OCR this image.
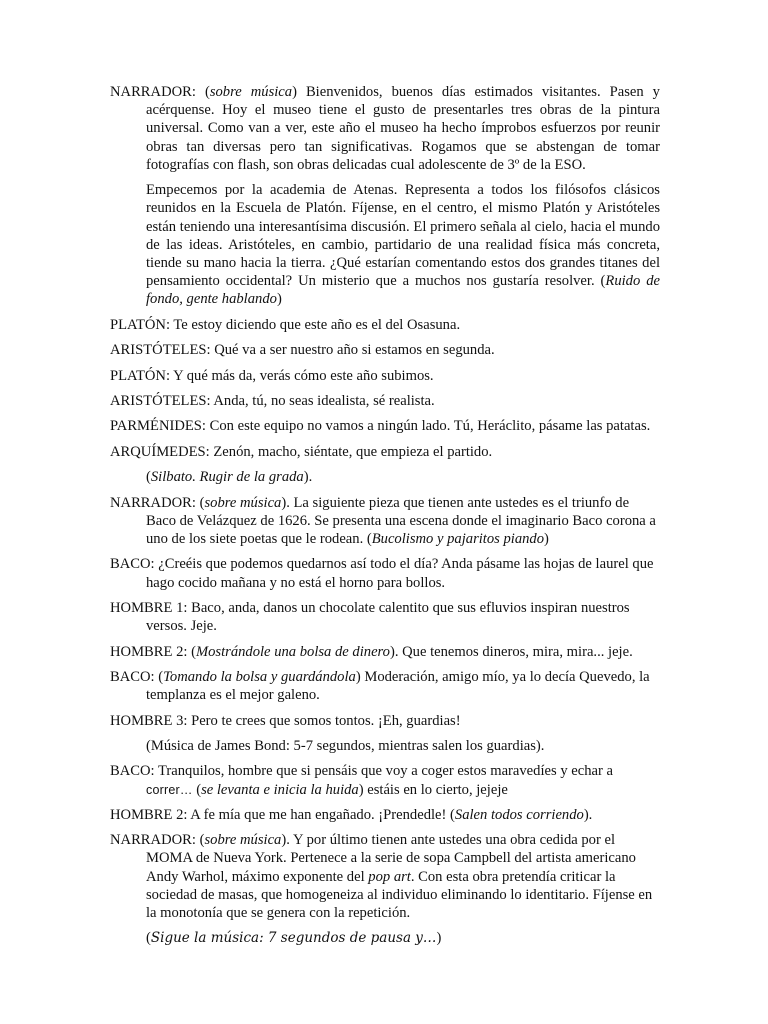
NARRADOR: (sobre música) Bienvenidos, buenos días estimados visitantes. Pasen y acérquense. Hoy el museo tiene el gusto de presentarles tres obras de la pintura universal. Como van a ver, este año el museo ha hecho ímprobos esfuerzos por reunir obras tan diversas pero tan significativas. Rogamos que se abstengan de tomar fotografías con flash, son obras delicadas cual adolescente de 3º de la ESO.

Empecemos por la academia de Atenas. Representa a todos los filósofos clásicos reunidos en la Escuela de Platón. Fíjense, en el centro, el mismo Platón y Aristóteles están teniendo una interesantísima discusión. El primero señala al cielo, hacia el mundo de las ideas. Aristóteles, en cambio, partidario de una realidad física más concreta, tiende su mano hacia la tierra. ¿Qué estarían comentando estos dos grandes titanes del pensamiento occidental? Un misterio que a muchos nos gustaría resolver. (Ruido de fondo, gente hablando)

PLATÓN: Te estoy diciendo que este año es el del Osasuna.

ARISTÓTELES: Qué va a ser nuestro año si estamos en segunda.

PLATÓN: Y qué más da, verás cómo este año subimos.

ARISTÓTELES: Anda, tú, no seas idealista, sé realista.

PARMÉNIDES: Con este equipo no vamos a ningún lado. Tú, Heráclito, pásame las patatas.

ARQUÍMEDES: Zenón, macho, siéntate, que empieza el partido.

(Silbato. Rugir de la grada).

NARRADOR: (sobre música). La siguiente pieza que tienen ante ustedes es el triunfo de Baco de Velázquez de 1626. Se presenta una escena donde el imaginario Baco corona a uno de los siete poetas que le rodean. (Bucolismo y pajaritos piando)

BACO: ¿Creéis que podemos quedarnos así todo el día? Anda pásame las hojas de laurel que hago cocido mañana y no está el horno para bollos.

HOMBRE 1: Baco, anda, danos un chocolate calentito que sus efluvios inspiran nuestros versos. Jeje.

HOMBRE 2: (Mostrándole una bolsa de dinero). Que tenemos dineros, mira, mira... jeje.

BACO: (Tomando la bolsa y guardándola) Moderación, amigo mío, ya lo decía Quevedo, la templanza es el mejor galeno.

HOMBRE 3: Pero te crees que somos tontos. ¡Eh, guardias!

(Música de James Bond: 5-7 segundos, mientras salen los guardias).

BACO: Tranquilos, hombre que si pensáis que voy a coger estos maravedíes y echar a correr… (se levanta e inicia la huida) estáis en lo cierto, jejeje

HOMBRE 2: A fe mía que me han engañado. ¡Prendedle! (Salen todos corriendo).

NARRADOR: (sobre música). Y por último tienen ante ustedes una obra cedida por el MOMA de Nueva York. Pertenece a la serie de sopa Campbell del artista americano Andy Warhol, máximo exponente del pop art. Con esta obra pretendía criticar la sociedad de masas, que homogeneiza al individuo eliminando lo identitario. Fíjense en la monotonía que se genera con la repetición.

(Sigue la música: 7 segundos de pausa y…)
